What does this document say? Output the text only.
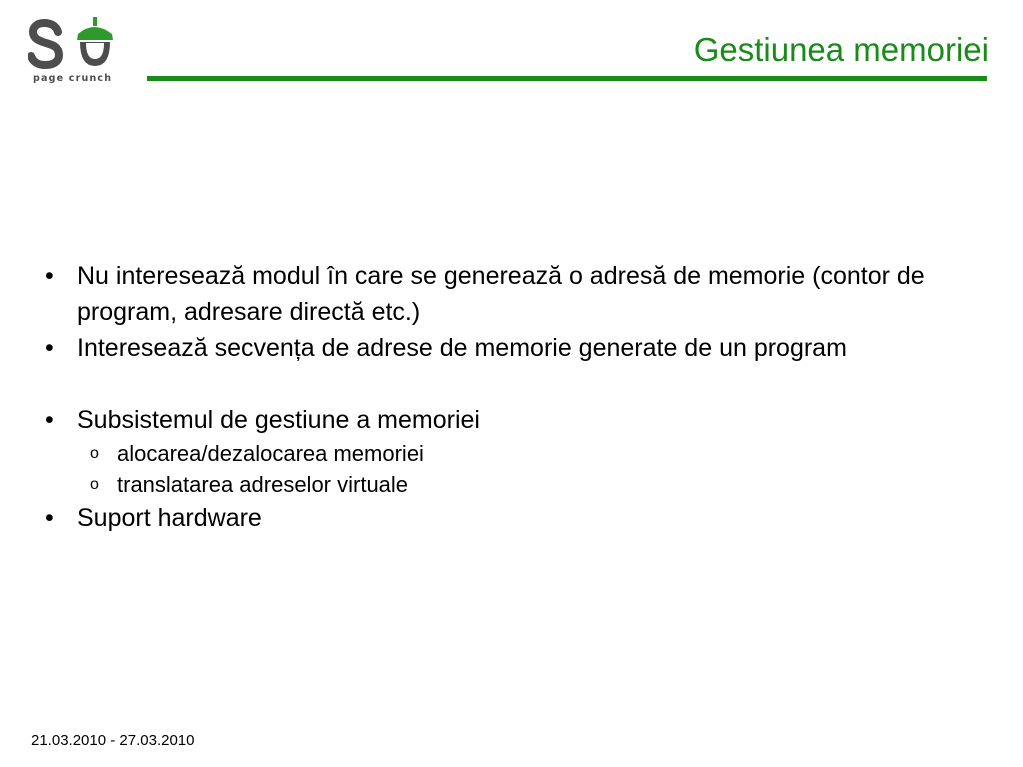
page crunch
Gestiunea memoriei
• Nu interesează modul în care se generează o adresă de memorie (contor de program, adresare directă etc.)
• Interesează secvența de adrese de memorie generate de un program
• Subsistemul de gestiune a memoriei
o alocarea/dezalocarea memoriei
o translatarea adreselor virtuale
• Suport hardware
21.03.2010 - 27.03.2010
